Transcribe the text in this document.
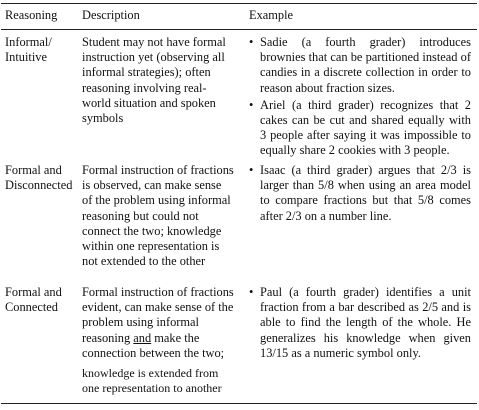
Reasoning	Description	Example
Informal/ Intuitive
Student may not have formal instruction yet (observing all informal strategies); often reasoning involving real-world situation and spoken symbols
• Sadie (a fourth grader) introduces brownies that can be partitioned instead of candies in a discrete collection in order to reason about fraction sizes.
• Ariel (a third grader) recognizes that 2 cakes can be cut and shared equally with 3 people after saying it was impossible to equally share 2 cookies with 3 people.
Formal and Disconnected
Formal instruction of fractions is observed, can make sense of the problem using informal reasoning but could not connect the two; knowledge within one representation is not extended to the other
• Isaac (a third grader) argues that 2/3 is larger than 5/8 when using an area model to compare fractions but that 5/8 comes after 2/3 on a number line.
Formal and Connected
Formal instruction of fractions evident, can make sense of the problem using informal reasoning and make the connection between the two;
knowledge is extended from one representation to another
• Paul (a fourth grader) identifies a unit fraction from a bar described as 2/5 and is able to find the length of the whole. He generalizes his knowledge when given 13/15 as a numeric symbol only.
